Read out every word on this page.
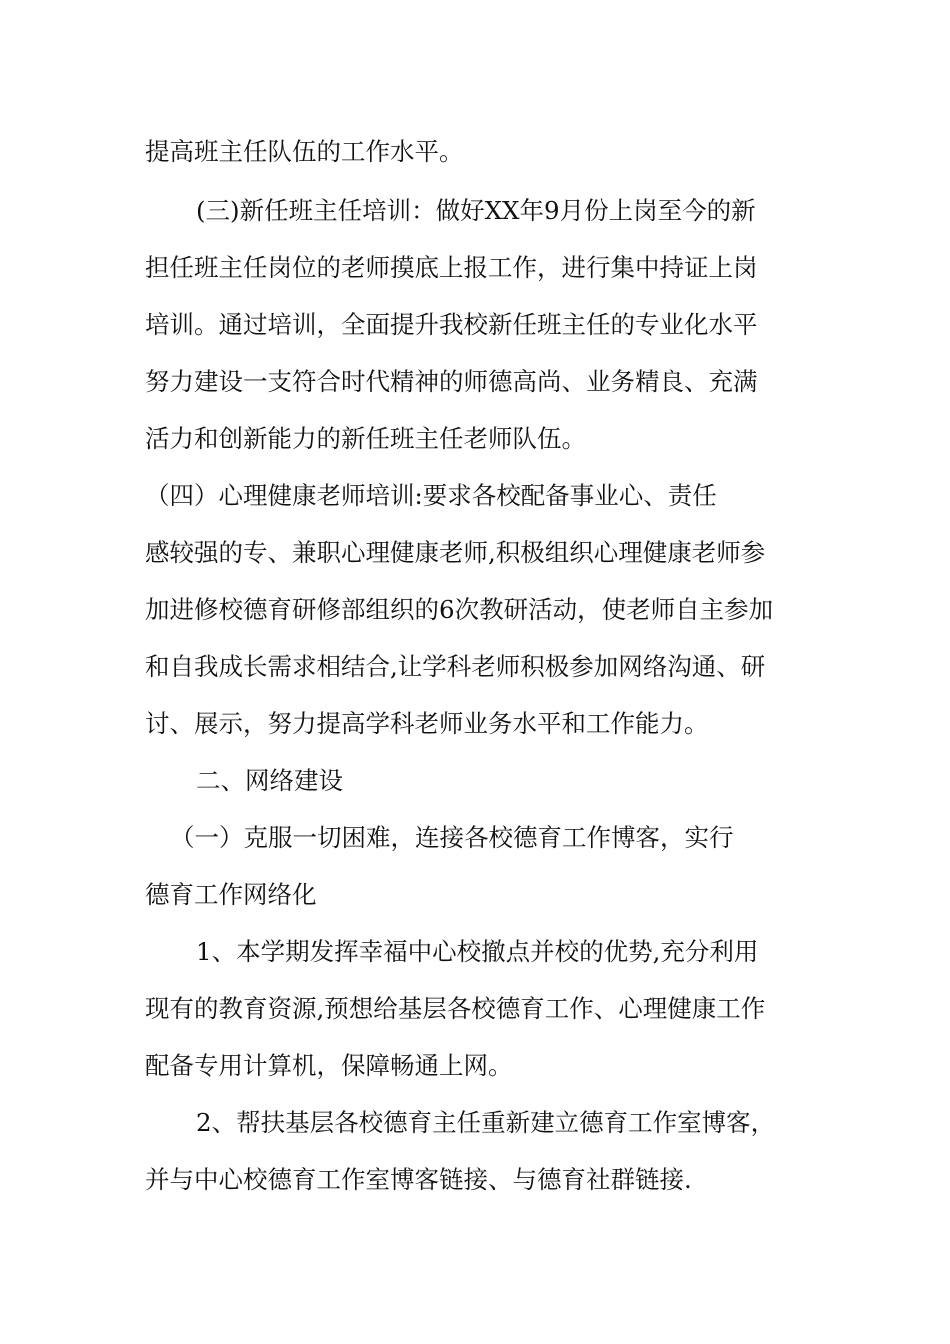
提高班主任队伍的工作水平。

(三)新任班主任培训：做好XX年9月份上岗至今的新

担任班主任岗位的老师摸底上报工作，进行集中持证上岗

培训。通过培训，全面提升我校新任班主任的专业化水平

努力建设一支符合时代精神的师德高尚、业务精良、充满

活力和创新能力的新任班主任老师队伍。

（四）心理健康老师培训:要求各校配备事业心、责任

感较强的专、兼职心理健康老师,积极组织心理健康老师参

加进修校德育研修部组织的6次教研活动，使老师自主参加

和自我成长需求相结合,让学科老师积极参加网络沟通、研

讨、展示，努力提高学科老师业务水平和工作能力。

二、网络建设

（一）克服一切困难，连接各校德育工作博客，实行

德育工作网络化

1、本学期发挥幸福中心校撤点并校的优势,充分利用

现有的教育资源,预想给基层各校德育工作、心理健康工作

配备专用计算机，保障畅通上网。

2、帮扶基层各校德育主任重新建立德育工作室博客，

并与中心校德育工作室博客链接、与德育社群链接.
